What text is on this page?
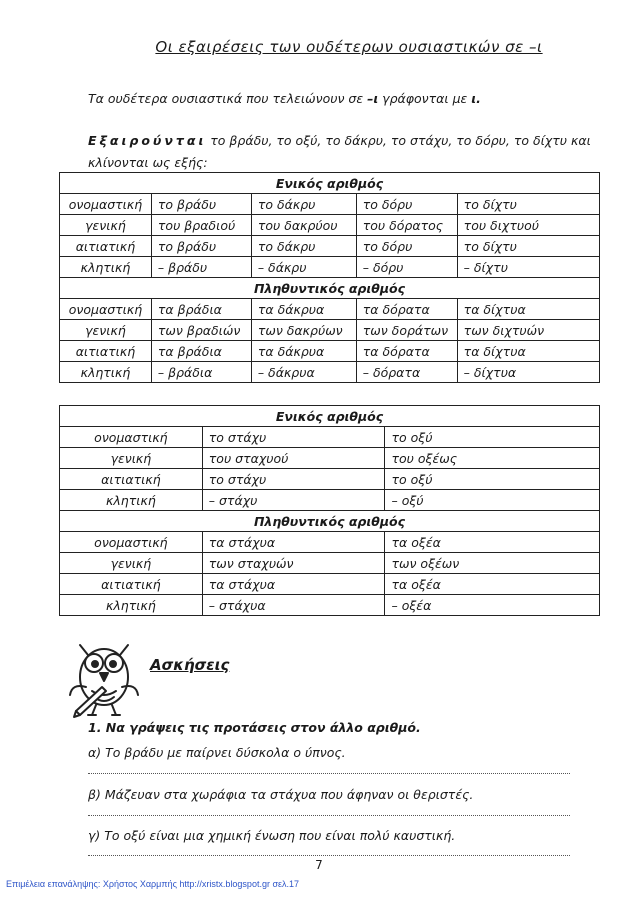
Οι εξαιρέσεις των ουδέτερων ουσιαστικών σε –ι
Τα ουδέτερα ουσιαστικά που τελειώνουν σε –ι γράφονται με ι.
Εξαιρούνται το βράδυ, το οξύ, το δάκρυ, το στάχυ, το δόρυ, το δίχτυ και κλίνονται ως εξής:
Ενικός αριθμός				
ονομαστική	το βράδυ	το δάκρυ	το δόρυ	το δίχτυ
γενική	του βραδιού	του δακρύου	του δόρατος	του διχτυού
αιτιατική	το βράδυ	το δάκρυ	το δόρυ	το δίχτυ
κλητική	– βράδυ	– δάκρυ	– δόρυ	– δίχτυ
Πληθυντικός αριθμός				
ονομαστική	τα βράδια	τα δάκρυα	τα δόρατα	τα δίχτυα
γενική	των βραδιών	των δακρύων	των δοράτων	των διχτυών
αιτιατική	τα βράδια	τα δάκρυα	τα δόρατα	τα δίχτυα
κλητική	– βράδια	– δάκρυα	– δόρατα	– δίχτυα
Ενικός αριθμός		
ονομαστική	το στάχυ	το οξύ
γενική	του σταχυού	του οξέως
αιτιατική	το στάχυ	το οξύ
κλητική	– στάχυ	– οξύ
Πληθυντικός αριθμός		
ονομαστική	τα στάχυα	τα οξέα
γενική	των σταχυών	των οξέων
αιτιατική	τα στάχυα	τα οξέα
κλητική	– στάχυα	– οξέα
Ασκήσεις
1. Να γράψεις τις προτάσεις στον άλλο αριθμό.
α) Το βράδυ με παίρνει δύσκολα ο ύπνος.
β) Μάζευαν στα χωράφια τα στάχυα που άφηναν οι θεριστές.
γ) Το οξύ είναι μια χημική ένωση που είναι πολύ καυστική.
7
Επιμέλεια επανάληψης: Χρήστος Χαρμπής http://xristx.blogspot.gr σελ.17
